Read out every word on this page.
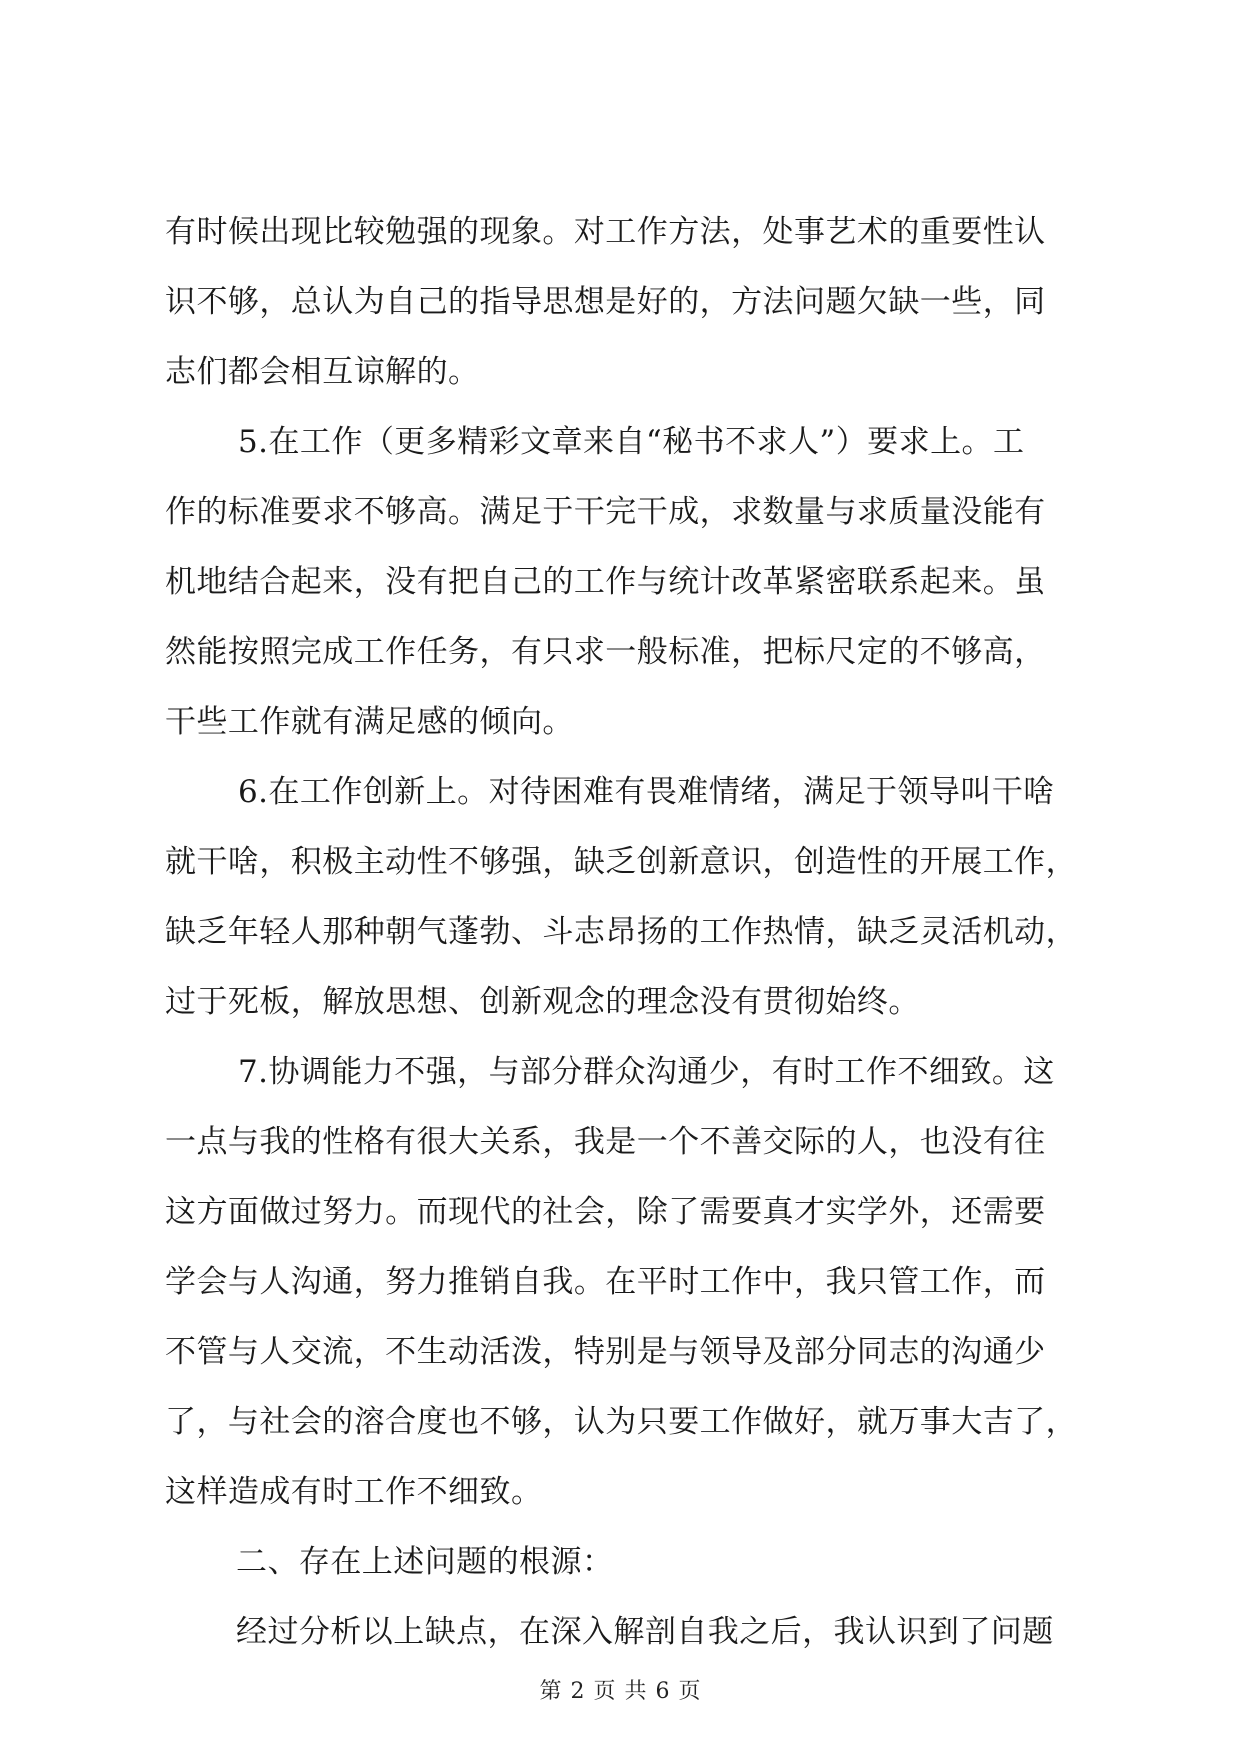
有时候出现比较勉强的现象。对工作方法，处事艺术的重要性认
识不够，总认为自己的指导思想是好的，方法问题欠缺一些，同
志们都会相互谅解的。
5.在工作（更多精彩文章来自“秘书不求人”）要求上。工
作的标准要求不够高。满足于干完干成，求数量与求质量没能有
机地结合起来，没有把自己的工作与统计改革紧密联系起来。虽
然能按照完成工作任务，有只求一般标准，把标尺定的不够高，
干些工作就有满足感的倾向。
6.在工作创新上。对待困难有畏难情绪，满足于领导叫干啥
就干啥，积极主动性不够强，缺乏创新意识，创造性的开展工作，
缺乏年轻人那种朝气蓬勃、斗志昂扬的工作热情，缺乏灵活机动，
过于死板，解放思想、创新观念的理念没有贯彻始终。
7.协调能力不强，与部分群众沟通少，有时工作不细致。这
一点与我的性格有很大关系，我是一个不善交际的人，也没有往
这方面做过努力。而现代的社会，除了需要真才实学外，还需要
学会与人沟通，努力推销自我。在平时工作中，我只管工作，而
不管与人交流，不生动活泼，特别是与领导及部分同志的沟通少
了，与社会的溶合度也不够，认为只要工作做好，就万事大吉了，
这样造成有时工作不细致。
二、存在上述问题的根源：
经过分析以上缺点，在深入解剖自我之后，我认识到了问题
第 2 页 共 6 页
